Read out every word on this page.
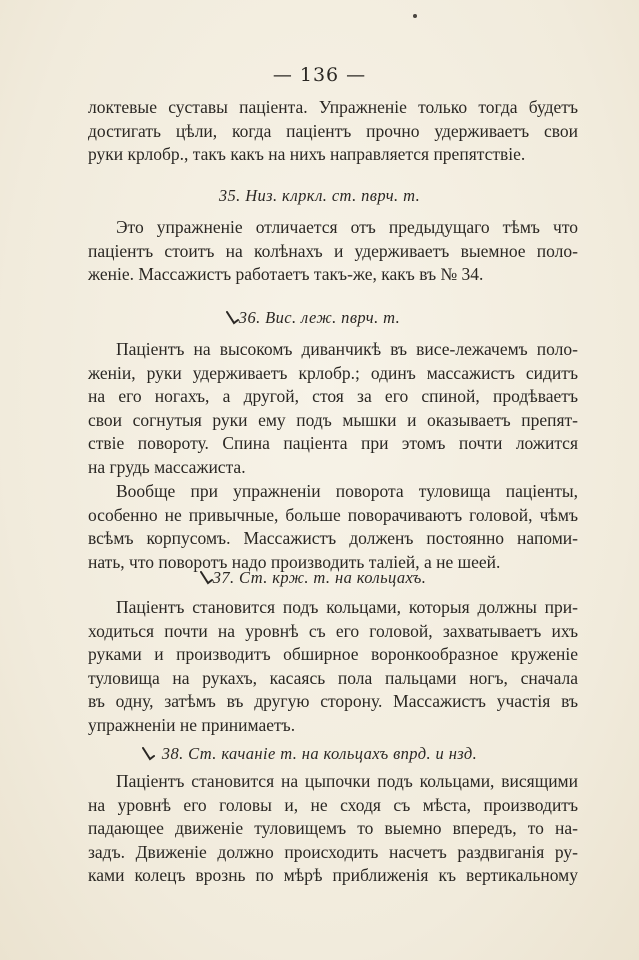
— 136 —
локтевые суставы пацiента. Упражненiе только тогда будетъ
достигать цѣли, когда пацiентъ прочно удерживаетъ свои
руки крлобр., такъ какъ на нихъ направляется препятствiе.
35. Низ. клркл. ст. пврч. т.
Это упражненiе отличается отъ предыдущаго тѣмъ что
пацiентъ стоитъ на колѣнахъ и удерживаетъ выемное поло-
женiе. Массажистъ работаетъ такъ-же, какъ въ № 34.
36. Вис. леж. пврч. т.
Пацiентъ на высокомъ диванчикѣ въ висе-лежачемъ поло-
женiи, руки удерживаетъ крлобр.; одинъ массажистъ сидитъ
на его ногахъ, а другой, стоя за его спиной, продѣваетъ
свои согнутыя руки ему подъ мышки и оказываетъ препят-
ствiе повороту. Спина пацiента при этомъ почти ложится
на грудь массажиста.
Вообще при упражненiи поворота туловища пацiенты,
особенно не привычные, больше поворачиваютъ головой, чѣмъ
всѣмъ корпусомъ. Массажистъ долженъ постоянно напоми-
нать, что поворотъ надо производить талiей, а не шеей.
37. Ст. крж. т. на кольцахъ.
Пацiентъ становится подъ кольцами, которыя должны при-
ходиться почти на уровнѣ съ его головой, захватываетъ ихъ
руками и производитъ обширное воронкообразное круженiе
туловища на рукахъ, касаясь пола пальцами ногъ, сначала
въ одну, затѣмъ въ другую сторону. Массажистъ участiя въ
упражненiи не принимаетъ.
38. Ст. качанiе т. на кольцахъ впрд. и нзд.
Пацiентъ становится на цыпочки подъ кольцами, висящими
на уровнѣ его головы и, не сходя съ мѣста, производитъ
падающее движенiе туловищемъ то выемно впередъ, то на-
задъ. Движенiе должно происходить насчетъ раздвиганiя ру-
ками колецъ врознь по мѣрѣ приближенiя къ вертикальному
